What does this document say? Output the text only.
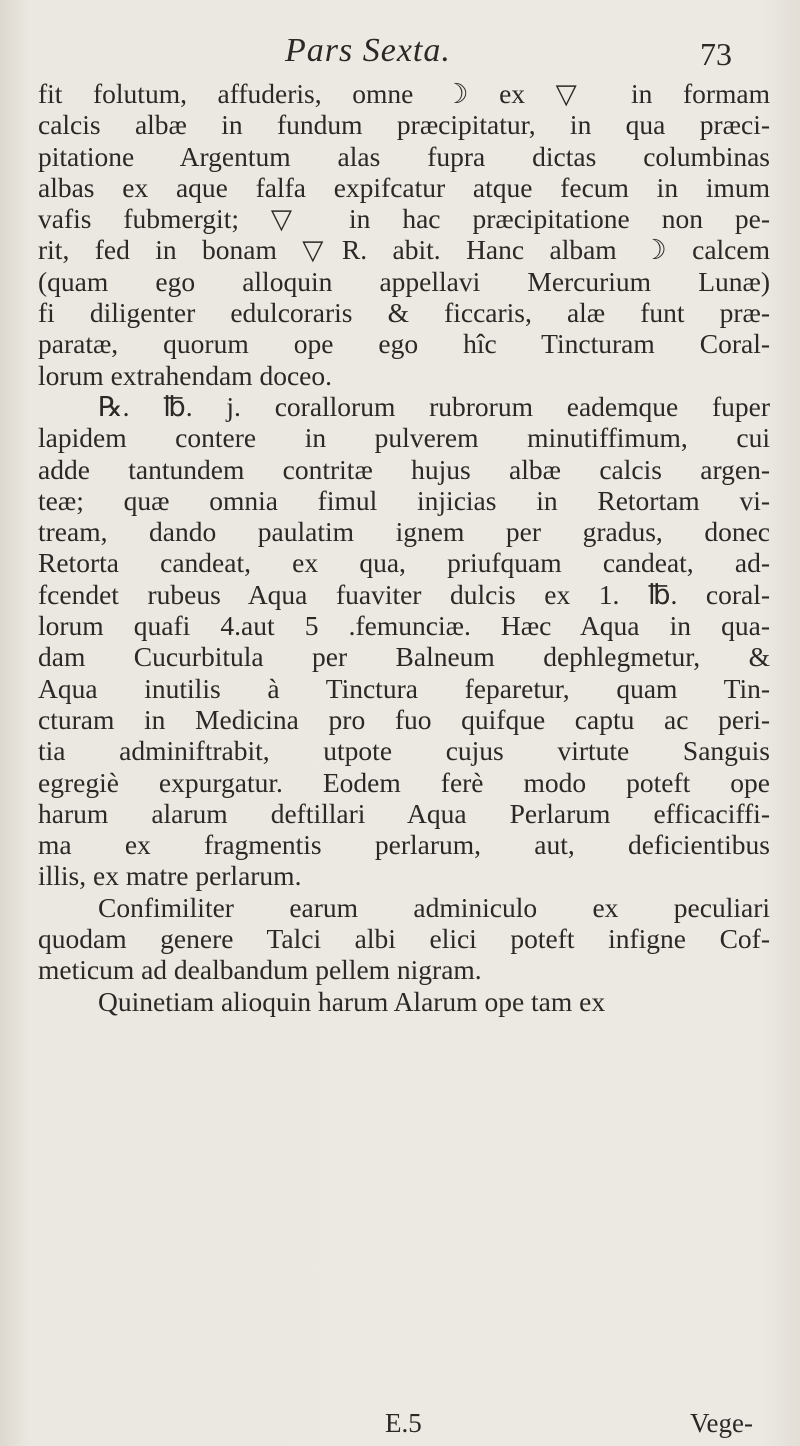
Pars Sexta.	73

fit folutum, affuderis, omne ☽ ex ▽ in formam
calcis albæ in fundum præcipitatur, in qua præci-
pitatione Argentum alas fupra dictas columbinas
albas ex aque falfa expifcatur atque fecum in imum
vafis fubmergit; ▽ in hac præcipitatione non pe-
rit, fed in bonam ▽R. abit. Hanc albam ☽ calcem
(quam ego alloquin appellavi Mercurium Lunæ)
fi diligenter edulcoraris & ficcaris, alæ funt præ-
paratæ, quorum ope ego hîc Tincturam Coral-
lorum extrahendam doceo.

℞. ℔. j. corallorum rubrorum eademque fuper
lapidem contere in pulverem minutiffimum, cui
adde tantundem contritæ hujus albæ calcis argen-
teæ; quæ omnia fimul injicias in Retortam vi-
tream, dando paulatim ignem per gradus, donec
Retorta candeat, ex qua, priufquam candeat, ad-
fcendet rubeus Aqua fuaviter dulcis ex 1. ℔. coral-
lorum quafi 4.aut 5 .femunciæ. Hæc Aqua in qua-
dam Cucurbitula per Balneum dephlegmetur, &
Aqua inutilis à Tinctura feparetur, quam Tin-
cturam in Medicina pro fuo quifque captu ac peri-
tia adminiftrabit, utpote cujus virtute Sanguis
egregiè expurgatur. Eodem ferè modo poteft ope
harum alarum deftillari Aqua Perlarum efficaciffi-
ma ex fragmentis perlarum, aut, deficientibus
illis, ex matre perlarum.

Confimiliter earum adminiculo ex peculiari
quodam genere Talci albi elici poteft infigne Cof-
meticum ad dealbandum pellem nigram.

Quinetiam alioquin harum Alarum ope tam ex

E.5	Vege-
